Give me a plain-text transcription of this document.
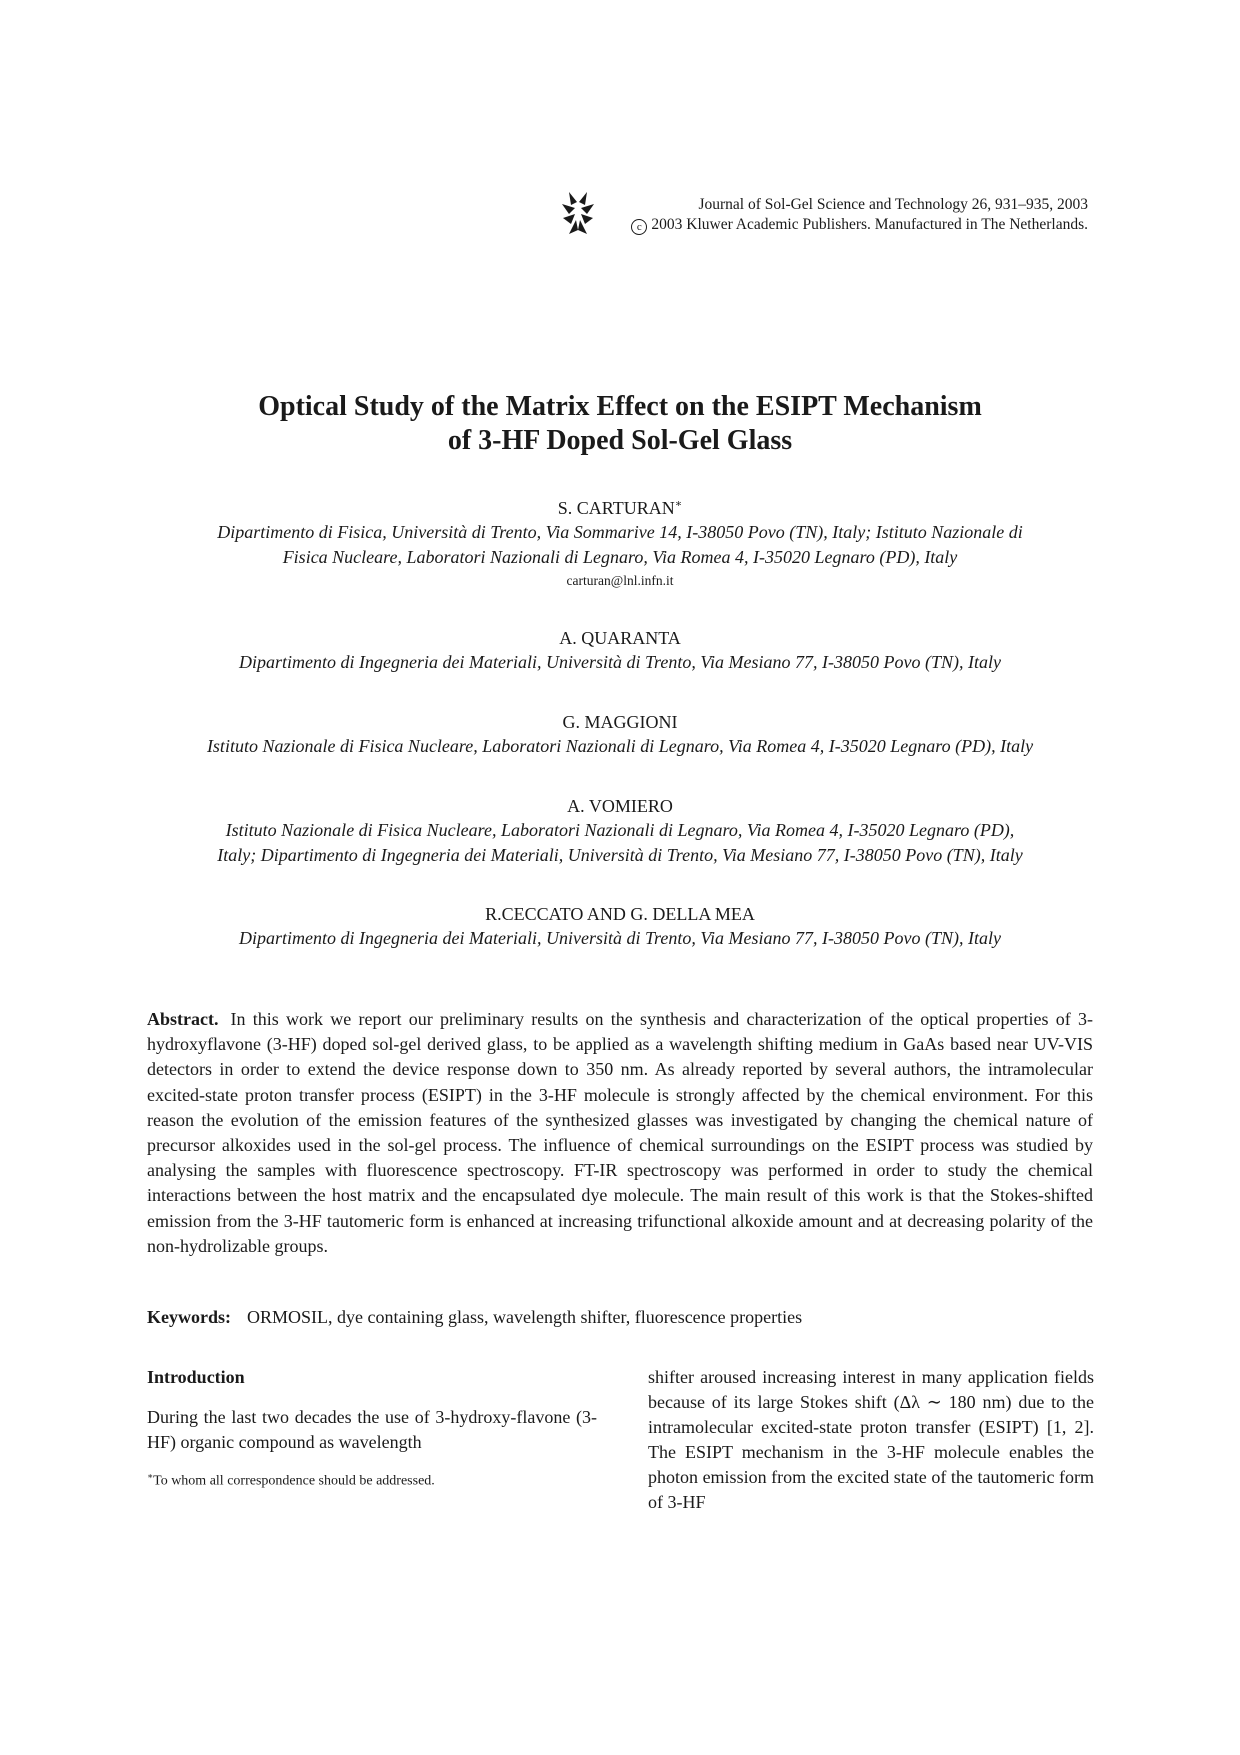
Journal of Sol-Gel Science and Technology 26, 931–935, 2003
c 2003 Kluwer Academic Publishers. Manufactured in The Netherlands.
Optical Study of the Matrix Effect on the ESIPT Mechanism
of 3-HF Doped Sol-Gel Glass
S. CARTURAN∗
Dipartimento di Fisica, Università di Trento, Via Sommarive 14, I-38050 Povo (TN), Italy; Istituto Nazionale di
Fisica Nucleare, Laboratori Nazionali di Legnaro, Via Romea 4, I-35020 Legnaro (PD), Italy
carturan@lnl.infn.it
A. QUARANTA
Dipartimento di Ingegneria dei Materiali, Università di Trento, Via Mesiano 77, I-38050 Povo (TN), Italy
G. MAGGIONI
Istituto Nazionale di Fisica Nucleare, Laboratori Nazionali di Legnaro, Via Romea 4, I-35020 Legnaro (PD), Italy
A. VOMIERO
Istituto Nazionale di Fisica Nucleare, Laboratori Nazionali di Legnaro, Via Romea 4, I-35020 Legnaro (PD),
Italy; Dipartimento di Ingegneria dei Materiali, Università di Trento, Via Mesiano 77, I-38050 Povo (TN), Italy
R.CECCATO AND G. DELLA MEA
Dipartimento di Ingegneria dei Materiali, Università di Trento, Via Mesiano 77, I-38050 Povo (TN), Italy
Abstract. In this work we report our preliminary results on the synthesis and characterization of the optical properties of 3-hydroxyflavone (3-HF) doped sol-gel derived glass, to be applied as a wavelength shifting medium in GaAs based near UV-VIS detectors in order to extend the device response down to 350 nm. As already reported by several authors, the intramolecular excited-state proton transfer process (ESIPT) in the 3-HF molecule is strongly affected by the chemical environment. For this reason the evolution of the emission features of the synthesized glasses was investigated by changing the chemical nature of precursor alkoxides used in the sol-gel process. The influence of chemical surroundings on the ESIPT process was studied by analysing the samples with fluorescence spectroscopy. FT-IR spectroscopy was performed in order to study the chemical interactions between the host matrix and the encapsulated dye molecule. The main result of this work is that the Stokes-shifted emission from the 3-HF tautomeric form is enhanced at increasing trifunctional alkoxide amount and at decreasing polarity of the non-hydrolizable groups.
Keywords: ORMOSIL, dye containing glass, wavelength shifter, fluorescence properties
Introduction
During the last two decades the use of 3-hydroxy-flavone (3-HF) organic compound as wavelength
shifter aroused increasing interest in many application fields because of its large Stokes shift (Δλ ∼ 180 nm) due to the intramolecular excited-state proton transfer (ESIPT) [1, 2]. The ESIPT mechanism in the 3-HF molecule enables the photon emission from the excited state of the tautomeric form of 3-HF
∗To whom all correspondence should be addressed.
